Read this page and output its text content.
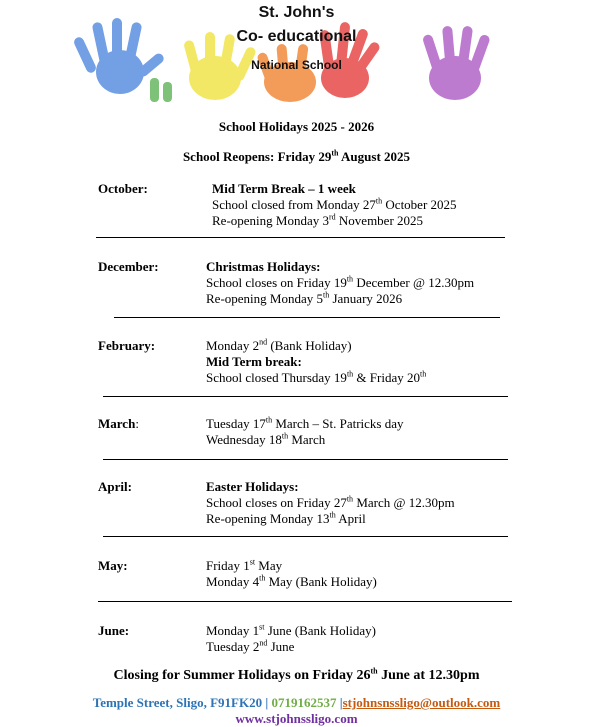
St. John's
Co- educational
National School
School Holidays 2025 - 2026
School Reopens: Friday 29th August 2025
October:	Mid Term Break – 1 week
School closed from Monday 27th October 2025
Re-opening Monday 3rd November 2025
December:	Christmas Holidays:
School closes on Friday 19th December @ 12.30pm
Re-opening Monday 5th January 2026
February:	Monday 2nd (Bank Holiday)
Mid Term break:
School closed Thursday 19th & Friday 20th
March:	Tuesday 17th March – St. Patricks day
Wednesday 18th March
April:	Easter Holidays:
School closes on Friday 27th March @ 12.30pm
Re-opening Monday 13th April
May:	Friday 1st May
Monday 4th May (Bank Holiday)
June:	Monday 1st June (Bank Holiday)
Tuesday 2nd June
Closing for Summer Holidays on Friday 26th June at 12.30pm
Temple Street, Sligo, F91FK20 | 0719162537 |stjohnsnssligo@outlook.com
www.stjohnssligo.com
